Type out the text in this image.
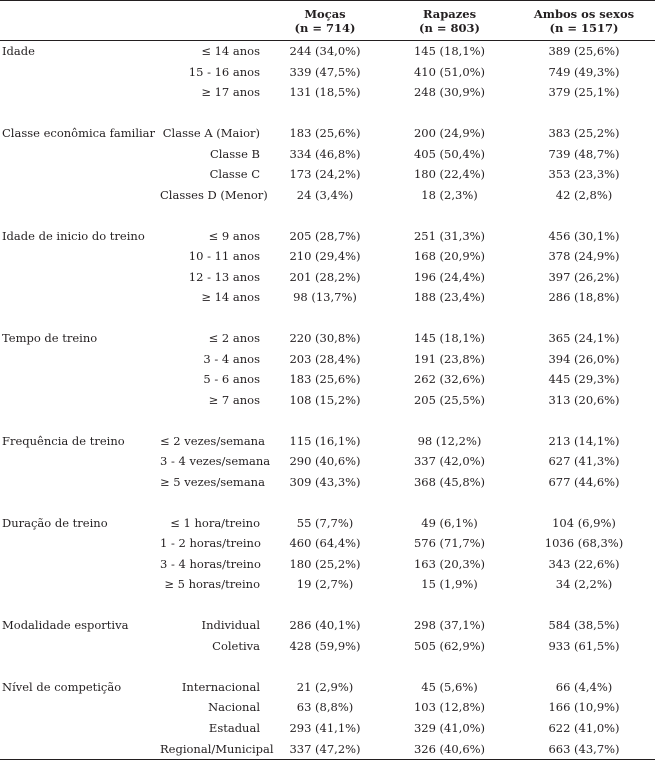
		Moças	Rapazes	Ambos os sexos
		(n = 714)	(n = 803)	(n = 1517)
Idade	≤ 14 anos	244 (34,0%)	145 (18,1%)	389 (25,6%)
	15 - 16 anos	339 (47,5%)	410 (51,0%)	749 (49,3%)
	≥ 17 anos	131 (18,5%)	248 (30,9%)	379 (25,1%)

Classe econômica familiar	Classe A (Maior)	183 (25,6%)	200 (24,9%)	383 (25,2%)
	Classe B	334 (46,8%)	405 (50,4%)	739 (48,7%)
	Classe C	173 (24,2%)	180 (22,4%)	353 (23,3%)
	Classes D (Menor)	24 (3,4%)	18 (2,3%)	42 (2,8%)

Idade de inicio do treino	≤ 9 anos	205 (28,7%)	251 (31,3%)	456 (30,1%)
	10 - 11 anos	210 (29,4%)	168 (20,9%)	378 (24,9%)
	12 - 13 anos	201 (28,2%)	196 (24,4%)	397 (26,2%)
	≥ 14 anos	98 (13,7%)	188 (23,4%)	286 (18,8%)

Tempo de treino	≤ 2 anos	220 (30,8%)	145 (18,1%)	365 (24,1%)
	3 - 4 anos	203 (28,4%)	191 (23,8%)	394 (26,0%)
	5 - 6 anos	183 (25,6%)	262 (32,6%)	445 (29,3%)
	≥ 7 anos	108 (15,2%)	205 (25,5%)	313 (20,6%)

Frequência de treino	≤ 2 vezes/semana	115 (16,1%)	98 (12,2%)	213 (14,1%)
	3 - 4 vezes/semana	290 (40,6%)	337 (42,0%)	627 (41,3%)
	≥ 5 vezes/semana	309 (43,3%)	368 (45,8%)	677 (44,6%)

Duração de treino	≤ 1 hora/treino	55 (7,7%)	49 (6,1%)	104 (6,9%)
	1 - 2 horas/treino	460 (64,4%)	576 (71,7%)	1036 (68,3%)
	3 - 4 horas/treino	180 (25,2%)	163 (20,3%)	343 (22,6%)
	≥ 5 horas/treino	19 (2,7%)	15 (1,9%)	34 (2,2%)

Modalidade esportiva	Individual	286 (40,1%)	298 (37,1%)	584 (38,5%)
	Coletiva	428 (59,9%)	505 (62,9%)	933 (61,5%)

Nível de competição	Internacional	21 (2,9%)	45 (5,6%)	66 (4,4%)
	Nacional	63 (8,8%)	103 (12,8%)	166 (10,9%)
	Estadual	293 (41,1%)	329 (41,0%)	622 (41,0%)
	Regional/Municipal	337 (47,2%)	326 (40,6%)	663 (43,7%)
